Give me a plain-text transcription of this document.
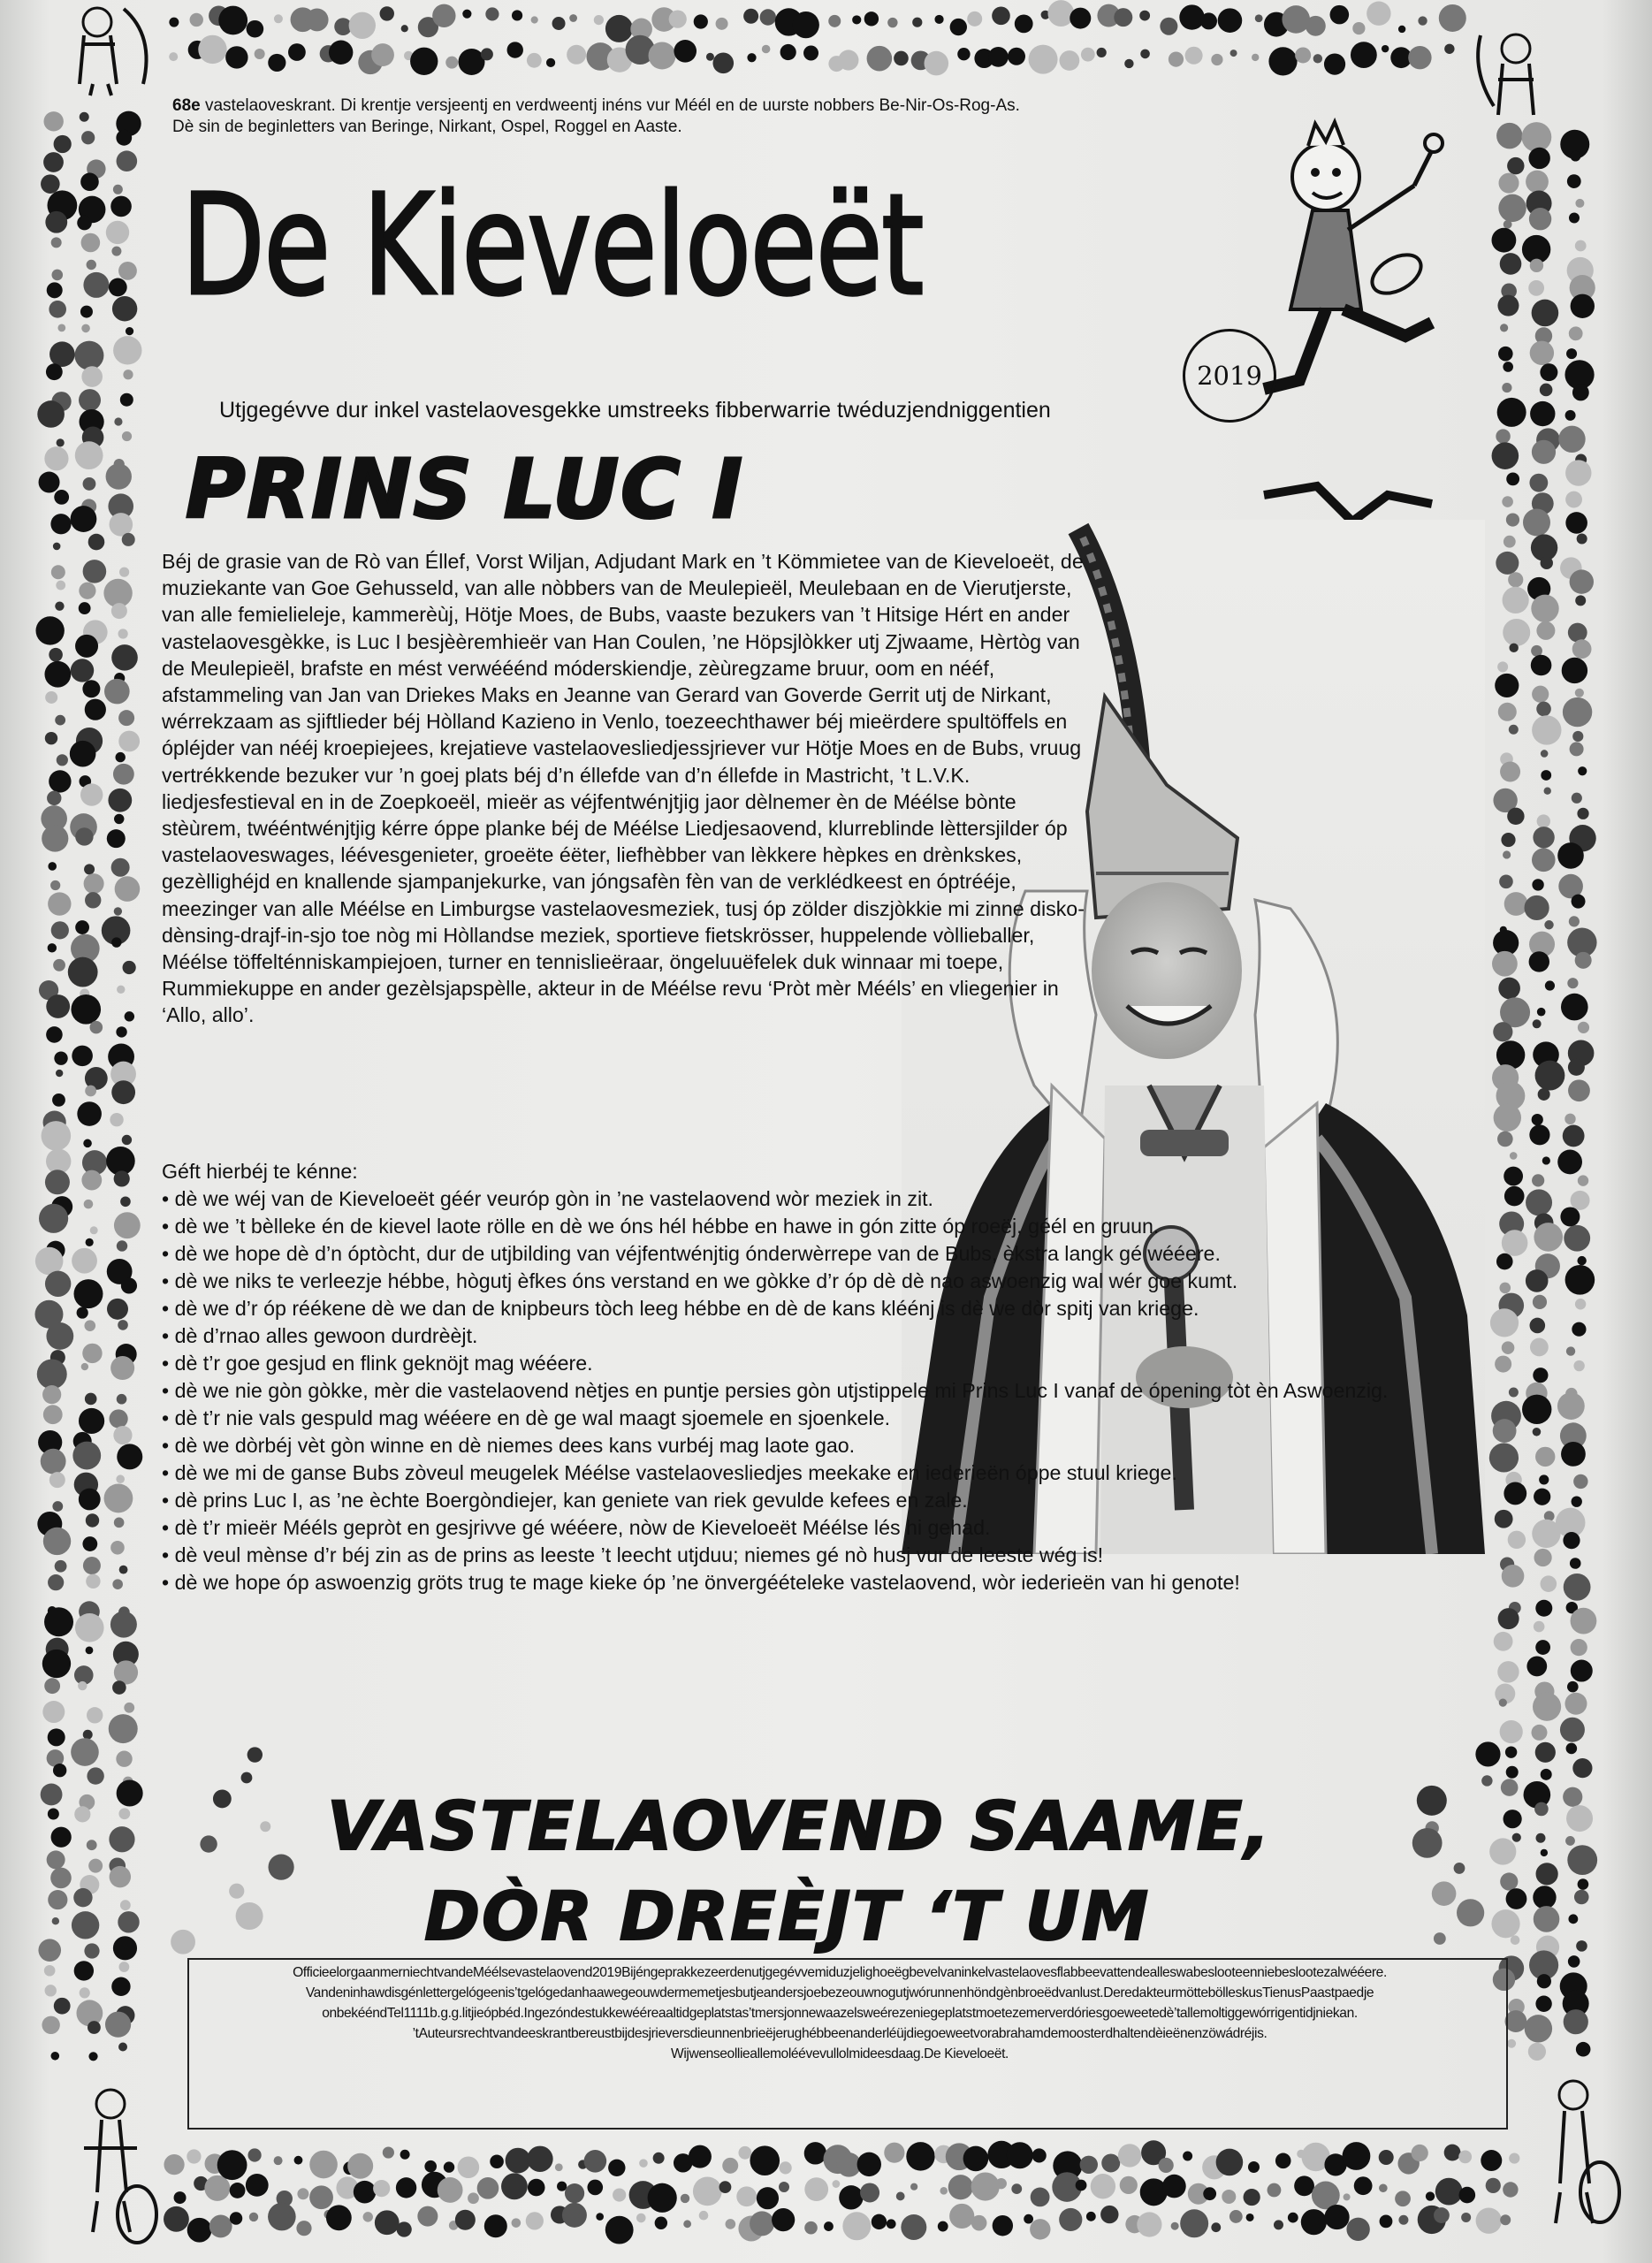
68e vastelaoveskrant. Di krentje versjeentj en verdweentj inéns vur Méél en de uurste nobbers Be-Nir-Os-Rog-As.
Dè sin de beginletters van Beringe, Nirkant, Ospel, Roggel en Aaste.
De Kieveloeët
2019
Utjgegévve dur inkel vastelaovesgekke umstreeks fibberwarrie twéduzjendniggentien
PRINS LUC I

Béj de grasie van de Rò van Éllef, Vorst Wiljan, Adjudant Mark en ’t Kömmietee van de Kieveloeët, de muziekante van Goe Gehusseld, van alle nòbbers van de Meulepieël, Meulebaan en de Vierutjerste, van alle femielieleje, kammerèùj, Hötje Moes, de Bubs, vaaste bezukers van ’t Hitsige Hért en ander vastelaovesgèkke, is Luc I besjèèremhieër van Han Coulen, ’ne Höpsjlòkker utj Zjwaame, Hèrtòg van de Meulepieël, brafste en mést verwééénd móderskiendje, zèùregzame bruur, oom en nééf, afstammeling van Jan van Driekes Maks en Jeanne van Gerard van Goverde Gerrit utj de Nirkant, wérrekzaam as sjiftlieder béj Hòlland Kazieno in Venlo, toezeechthawer béj mieërdere spultöffels en ópléjder van nééj kroepiejees, krejatieve vastelaovesliedjessjriever vur Hötje Moes en de Bubs, vruug vertrékkende bezuker vur ’n goej plats béj d’n éllefde van d’n éllefde in Mastricht, ’t L.V.K. liedjesfestieval en in de Zoepkoeël, mieër as véjfentwénjtjig jaor dèlnemer èn de Méélse bònte stèùrem, twééntwénjtjig kérre óppe planke béj de Méélse Liedjesaovend, klurreblinde lèttersjilder óp vastelaoveswages, léévesgenieter, groeëte éëter, liefhèbber van lèkkere hèpkes en drènkskes, gezèllighéjd en knallende sjampanjekurke, van jóngsafèn fèn van de verklédkeest en óptrééje, meezinger van alle Méélse en Limburgse vastelaovesmeziek, tusj óp zölder diszjòkkie mi zinne disko-dènsing-drajf-in-sjo toe nòg mi Hòllandse meziek, sportieve fietskrösser, huppelende vòllieballer, Méélse töffelténniskampiejoen, turner en tennislieëraar, öngeluuëfelek duk winnaar mi toepe, Rummiekuppe en ander gezèlsjapspèlle, akteur in de Méélse revu ‘Pròt mèr Mééls’ en vliegenier in ‘Allo, allo’.

Géft hierbéj te kénne:

• dè we wéj van de Kieveloeët géér veuróp gòn in ’ne vastelaovend wòr meziek in zit.
• dè we ’t bèlleke én de kievel laote rölle en dè we óns hél hébbe en hawe in gón zitte óp roeëj, géél en gruun.
• dè we hope dè d’n óptòcht, dur de utjbilding van véjfentwénjtig ónderwèrrepe van de Bubs, èkstra langk gé wééere.
• dè we niks te verleezje hébbe, hògutj èfkes óns verstand en we gòkke d’r óp dè dè nao aswoenzig wal wér goe kumt.
• dè we d’r óp réékene dè we dan de knipbeurs tòch leeg hébbe en dè de kans kléénj is dè we dòr spitj van kriege.
• dè d’rnao alles gewoon durdrèèjt.
• dè t’r goe gesjud en flink geknöjt mag wééere.
• dè we nie gòn gòkke, mèr die vastelaovend nètjes en puntje persies gòn utjstippele mi Prins Luc I vanaf de ópening tòt èn Aswoenzig.
• dè t’r nie vals gespuld mag wééere en dè ge wal maagt sjoemele en sjoenkele.
• dè we dòrbéj vèt gòn winne en dè niemes dees kans vurbéj mag laote gao.
• dè we mi de ganse Bubs zòveul meugelek Méélse vastelaovesliedjes meekake en iederieën óppe stuul kriege.
• dè prins Luc I, as ’ne èchte Boergòndiejer, kan geniete van riek gevulde kefees en zale.
• dè t’r mieër Mééls gepròt en gesjrivve gé wééere, nòw de Kieveloeët Méélse lés hi gehad.
• dè veul mènse d’r béj zin as de prins as leeste ’t leecht utjduu; niemes gé nò husj vur de leeste wég is!
• dè we hope óp aswoenzig gröts trug te mage kieke óp ’ne önvergéételeke vastelaovend, wòr iederieën van hi genote!
VASTELAOVEND SAAME,
DÒR DREÈJT ‘T UM
OfficieelorgaanmerniechtvandeMéélsevastelaovend2019Bijéngeprakkezeerdenutjgegévvemiduzjelighoeëgbevelvaninkelvastelaovesflabbeevattendealleswabeslooteenniebeslootezalwééere.
Vandeninhawdisgénlettergelógeenis’tgelógedanhaawegeouwdermemetjesbutjeandersjoebezeouwnogutjwórunnenhöndgènbroeëdvanlust.DeredakteurmöttebölleskusTienusPaastpaedje
onbekééndTel1111b.g.g.litjieópbéd.Ingezóndestukkewééreaaltidgeplatstas’tmersjonnewaazelsweérezeniegeplatstmoetezemerverdóriesgoeweetedè’tallemoltiggewórrigentidjniekan.
’tAuteursrechtvandeeskrantbereustbijdesjrieversdieunnenbrieëjerughébbeenanderléüjdiegoeweetvorabrahamdemoosterdhaltendèieënenzöwádréjis.
Wijwenseollieallemoléévevullolmideesdaag.De Kieveloeët.
